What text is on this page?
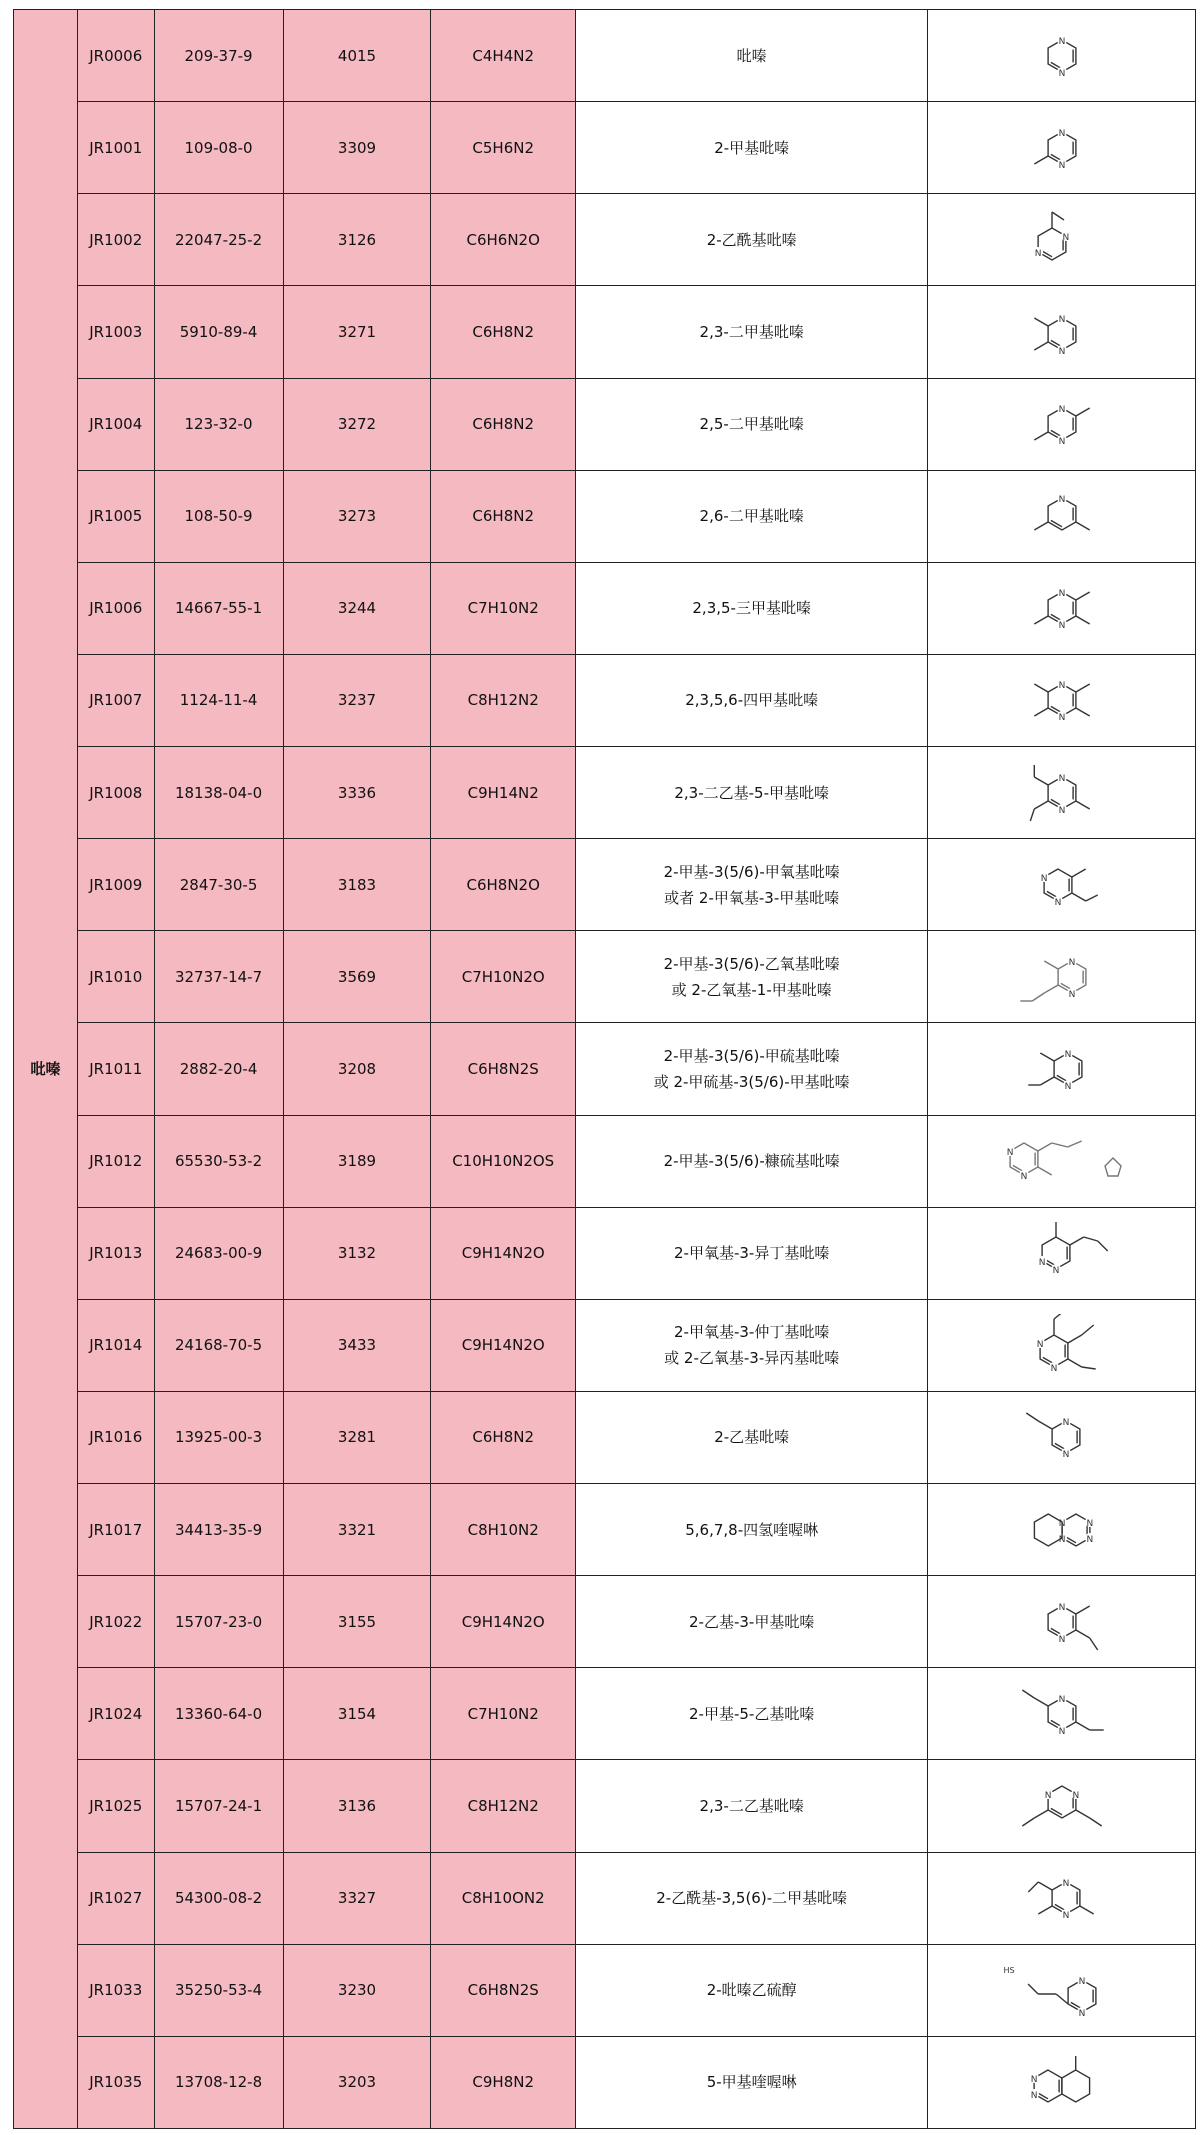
吡嗪	JR0006	209-37-9	4015	C4H4N2	吡嗪	N
N

	JR1001	109-08-0	3309	C5H6N2	2-甲基吡嗪	N
N

	JR1002	22047-25-2	3126	C6H6N2O	2-乙酰基吡嗪	N
N

	JR1003	5910-89-4	3271	C6H8N2	2,3-二甲基吡嗪	N
N

	JR1004	123-32-0	3272	C6H8N2	2,5-二甲基吡嗪	N
N

	JR1005	108-50-9	3273	C6H8N2	2,6-二甲基吡嗪	N

	JR1006	14667-55-1	3244	C7H10N2	2,3,5-三甲基吡嗪	N
N

	JR1007	1124-11-4	3237	C8H12N2	2,3,5,6-四甲基吡嗪	N
N

	JR1008	18138-04-0	3336	C9H14N2	2,3-二乙基-5-甲基吡嗪	N
N

	JR1009	2847-30-5	3183	C6H8N2O	2-甲基-3(5/6)-甲氧基吡嗪
或者 2-甲氧基-3-甲基吡嗪	N
N

	JR1010	32737-14-7	3569	C7H10N2O	2-甲基-3(5/6)-乙氧基吡嗪
或 2-乙氧基-1-甲基吡嗪	N
N

	JR1011	2882-20-4	3208	C6H8N2S	2-甲基-3(5/6)-甲硫基吡嗪
或 2-甲硫基-3(5/6)-甲基吡嗪	N
N

	JR1012	65530-53-2	3189	C10H10N2OS	2-甲基-3(5/6)-糠硫基吡嗪	N
N

	JR1013	24683-00-9	3132	C9H14N2O	2-甲氧基-3-异丁基吡嗪	N
N

	JR1014	24168-70-5	3433	C9H14N2O	2-甲氧基-3-仲丁基吡嗪
或 2-乙氧基-3-异丙基吡嗪	N
N

	JR1016	13925-00-3	3281	C6H8N2	2-乙基吡嗪	N
N

	JR1017	34413-35-9	3321	C8H10N2	5,6,7,8-四氢喹喔啉	N
N N
N

	JR1022	15707-23-0	3155	C9H14N2O	2-乙基-3-甲基吡嗪	N
N

	JR1024	13360-64-0	3154	C7H10N2	2-甲基-5-乙基吡嗪	N
N

	JR1025	15707-24-1	3136	C8H12N2	2,3-二乙基吡嗪	N N

	JR1027	54300-08-2	3327	C8H10ON2	2-乙酰基-3,5(6)-二甲基吡嗪	N
N

	JR1033	35250-53-4	3230	C6H8N2S	2-吡嗪乙硫醇	N
N
HS

	JR1035	13708-12-8	3203	C9H8N2	5-甲基喹喔啉	N
N
